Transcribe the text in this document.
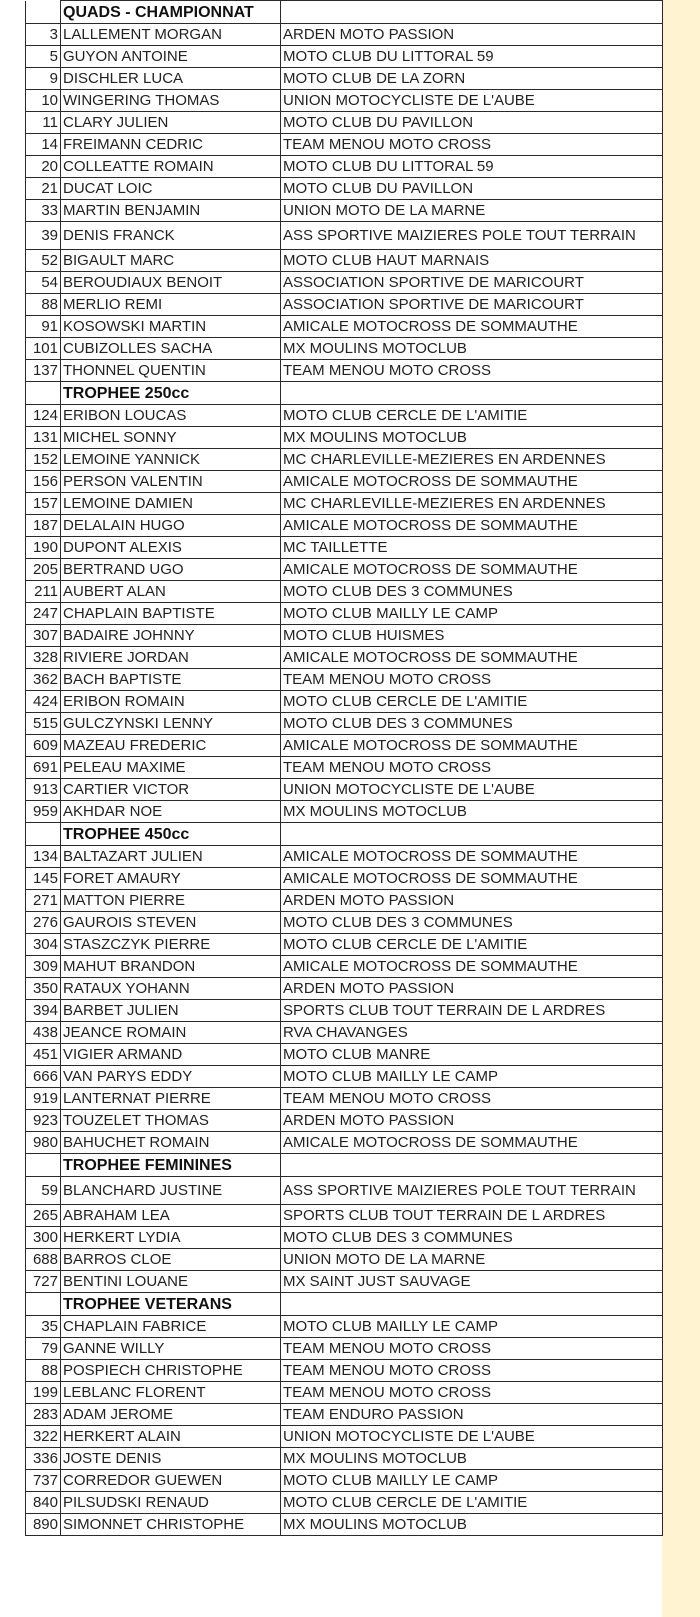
	QUADS - CHAMPIONNAT	
3	LALLEMENT MORGAN	ARDEN MOTO PASSION
5	GUYON ANTOINE	MOTO CLUB DU LITTORAL 59
9	DISCHLER LUCA	MOTO CLUB DE LA ZORN
10	WINGERING THOMAS	UNION MOTOCYCLISTE DE L'AUBE
11	CLARY JULIEN	MOTO CLUB DU PAVILLON
14	FREIMANN CEDRIC	TEAM MENOU MOTO CROSS
20	COLLEATTE ROMAIN	MOTO CLUB DU LITTORAL 59
21	DUCAT LOIC	MOTO CLUB DU PAVILLON
33	MARTIN BENJAMIN	UNION MOTO DE LA MARNE
39	DENIS FRANCK	ASS SPORTIVE MAIZIERES POLE TOUT TERRAIN
52	BIGAULT MARC	MOTO CLUB HAUT MARNAIS
54	BEROUDIAUX BENOIT	ASSOCIATION SPORTIVE DE MARICOURT
88	MERLIO REMI	ASSOCIATION SPORTIVE DE MARICOURT
91	KOSOWSKI MARTIN	AMICALE MOTOCROSS DE SOMMAUTHE
101	CUBIZOLLES SACHA	MX MOULINS MOTOCLUB
137	THONNEL QUENTIN	TEAM MENOU MOTO CROSS
	TROPHEE 250cc	
124	ERIBON LOUCAS	MOTO CLUB CERCLE DE L'AMITIE
131	MICHEL SONNY	MX MOULINS MOTOCLUB
152	LEMOINE YANNICK	MC CHARLEVILLE-MEZIERES EN ARDENNES
156	PERSON VALENTIN	AMICALE MOTOCROSS DE SOMMAUTHE
157	LEMOINE DAMIEN	MC CHARLEVILLE-MEZIERES EN ARDENNES
187	DELALAIN HUGO	AMICALE MOTOCROSS DE SOMMAUTHE
190	DUPONT ALEXIS	MC TAILLETTE
205	BERTRAND UGO	AMICALE MOTOCROSS DE SOMMAUTHE
211	AUBERT ALAN	MOTO CLUB DES 3 COMMUNES
247	CHAPLAIN BAPTISTE	MOTO CLUB MAILLY LE CAMP
307	BADAIRE JOHNNY	MOTO CLUB HUISMES
328	RIVIERE JORDAN	AMICALE MOTOCROSS DE SOMMAUTHE
362	BACH BAPTISTE	TEAM MENOU MOTO CROSS
424	ERIBON ROMAIN	MOTO CLUB CERCLE DE L'AMITIE
515	GULCZYNSKI LENNY	MOTO CLUB DES 3 COMMUNES
609	MAZEAU FREDERIC	AMICALE MOTOCROSS DE SOMMAUTHE
691	PELEAU MAXIME	TEAM MENOU MOTO CROSS
913	CARTIER VICTOR	UNION MOTOCYCLISTE DE L'AUBE
959	AKHDAR NOE	MX MOULINS MOTOCLUB
	TROPHEE 450cc	
134	BALTAZART JULIEN	AMICALE MOTOCROSS DE SOMMAUTHE
145	FORET AMAURY	AMICALE MOTOCROSS DE SOMMAUTHE
271	MATTON PIERRE	ARDEN MOTO PASSION
276	GAUROIS STEVEN	MOTO CLUB DES 3 COMMUNES
304	STASZCZYK PIERRE	MOTO CLUB CERCLE DE L'AMITIE
309	MAHUT BRANDON	AMICALE MOTOCROSS DE SOMMAUTHE
350	RATAUX YOHANN	ARDEN MOTO PASSION
394	BARBET JULIEN	SPORTS CLUB TOUT TERRAIN DE L ARDRES
438	JEANCE ROMAIN	RVA CHAVANGES
451	VIGIER ARMAND	MOTO CLUB MANRE
666	VAN PARYS EDDY	MOTO CLUB MAILLY LE CAMP
919	LANTERNAT PIERRE	TEAM MENOU MOTO CROSS
923	TOUZELET THOMAS	ARDEN MOTO PASSION
980	BAHUCHET ROMAIN	AMICALE MOTOCROSS DE SOMMAUTHE
	TROPHEE FEMININES	
59	BLANCHARD JUSTINE	ASS SPORTIVE MAIZIERES POLE TOUT TERRAIN
265	ABRAHAM LEA	SPORTS CLUB TOUT TERRAIN DE L ARDRES
300	HERKERT LYDIA	MOTO CLUB DES 3 COMMUNES
688	BARROS CLOE	UNION MOTO DE LA MARNE
727	BENTINI LOUANE	MX SAINT JUST SAUVAGE
	TROPHEE VETERANS	
35	CHAPLAIN FABRICE	MOTO CLUB MAILLY LE CAMP
79	GANNE WILLY	TEAM MENOU MOTO CROSS
88	POSPIECH CHRISTOPHE	TEAM MENOU MOTO CROSS
199	LEBLANC FLORENT	TEAM MENOU MOTO CROSS
283	ADAM JEROME	TEAM ENDURO PASSION
322	HERKERT ALAIN	UNION MOTOCYCLISTE DE L'AUBE
336	JOSTE DENIS	MX MOULINS MOTOCLUB
737	CORREDOR GUEWEN	MOTO CLUB MAILLY LE CAMP
840	PILSUDSKI RENAUD	MOTO CLUB CERCLE DE L'AMITIE
890	SIMONNET CHRISTOPHE	MX MOULINS MOTOCLUB
